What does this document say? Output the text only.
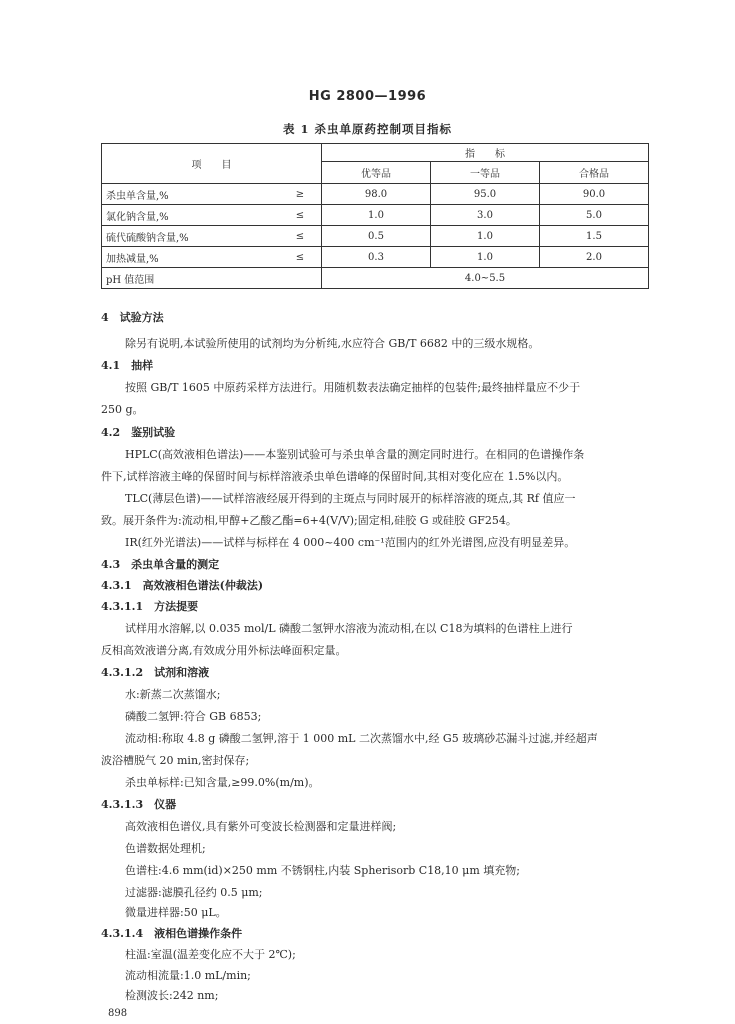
HG 2800—1996
表 1 杀虫单原药控制项目指标
项　　目		指　　标		
		优等品	一等品	合格品
杀虫单含量,%	≥	98.0	95.0	90.0
氯化钠含量,%	≤	1.0	3.0	5.0
硫代硫酸钠含量,%	≤	0.5	1.0	1.5
加热减量,%	≤	0.3	1.0	2.0
pH 值范围		4.0~5.5		
4　试验方法
除另有说明,本试验所使用的试剂均为分析纯,水应符合 GB/T 6682 中的三级水规格。
4.1　抽样
按照 GB/T 1605 中原药采样方法进行。用随机数表法确定抽样的包装件;最终抽样量应不少于
250 g。
4.2　鉴别试验
HPLC(高效液相色谱法)——本鉴别试验可与杀虫单含量的测定同时进行。在相同的色谱操作条
件下,试样溶液主峰的保留时间与标样溶液杀虫单色谱峰的保留时间,其相对变化应在 1.5%以内。
TLC(薄层色谱)——试样溶液经展开得到的主斑点与同时展开的标样溶液的斑点,其 Rf 值应一
致。展开条件为:流动相,甲醇+乙酸乙酯=6+4(V/V);固定相,硅胶 G 或硅胶 GF254。
IR(红外光谱法)——试样与标样在 4 000~400 cm⁻¹范围内的红外光谱图,应没有明显差异。
4.3　杀虫单含量的测定
4.3.1　高效液相色谱法(仲裁法)
4.3.1.1　方法提要
试样用水溶解,以 0.035 mol/L 磷酸二氢钾水溶液为流动相,在以 C18为填料的色谱柱上进行
反相高效液谱分离,有效成分用外标法峰面积定量。
4.3.1.2　试剂和溶液
水:新蒸二次蒸馏水;
磷酸二氢钾:符合 GB 6853;
流动相:称取 4.8 g 磷酸二氢钾,溶于 1 000 mL 二次蒸馏水中,经 G5 玻璃砂芯漏斗过滤,并经超声
波浴槽脱气 20 min,密封保存;
杀虫单标样:已知含量,≥99.0%(m/m)。
4.3.1.3　仪器
高效液相色谱仪,具有紫外可变波长检测器和定量进样阀;
色谱数据处理机;
色谱柱:4.6 mm(id)×250 mm 不锈钢柱,内装 Spherisorb C18,10 μm 填充物;
过滤器:滤膜孔径约 0.5 μm;
微量进样器:50 μL。
4.3.1.4　液相色谱操作条件
柱温:室温(温差变化应不大于 2℃);
流动相流量:1.0 mL/min;
检测波长:242 nm;
898
